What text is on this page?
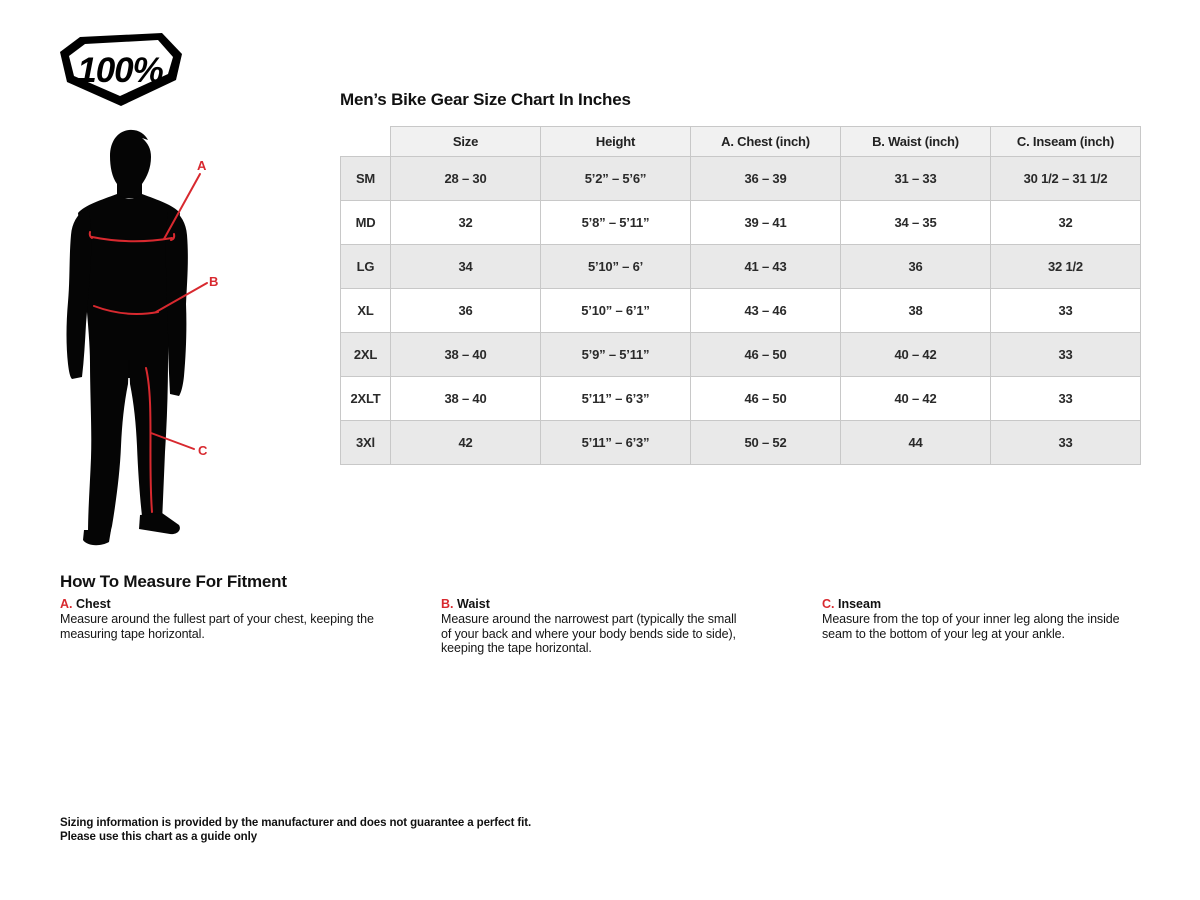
100%
Men’s Bike Gear Size Chart In Inches
A
B
C
	Size	Height	A. Chest (inch)	B. Waist (inch)	C. Inseam (inch)
SM	28 – 30	5’2” – 5’6’’	36 – 39	31 – 33	30 1/2 – 31 1/2
MD	32	5’8” – 5’11”	39 – 41	34 – 35	32
LG	34	5’10” – 6’	41 – 43	36	32 1/2
XL	36	5’10” – 6’1”	43 – 46	38	33
2XL	38 – 40	5’9” – 5’11”	46 – 50	40 – 42	33
2XLT	38 – 40	5’11” – 6’3”	46 – 50	40 – 42	33
3Xl	42	5’11” – 6’3”	50 – 52	44	33
How To Measure For Fitment
A. Chest
Measure around the fullest part of your chest, keeping the measuring tape horizontal.
B. Waist
Measure around the narrowest part (typically the small of your back and where your body bends side to side), keeping the tape horizontal.
C. Inseam
Measure from the top of your inner leg along the inside seam to the bottom of your leg at your ankle.
Sizing information is provided by the manufacturer and does not guarantee a perfect fit.
Please use this chart as a guide only
